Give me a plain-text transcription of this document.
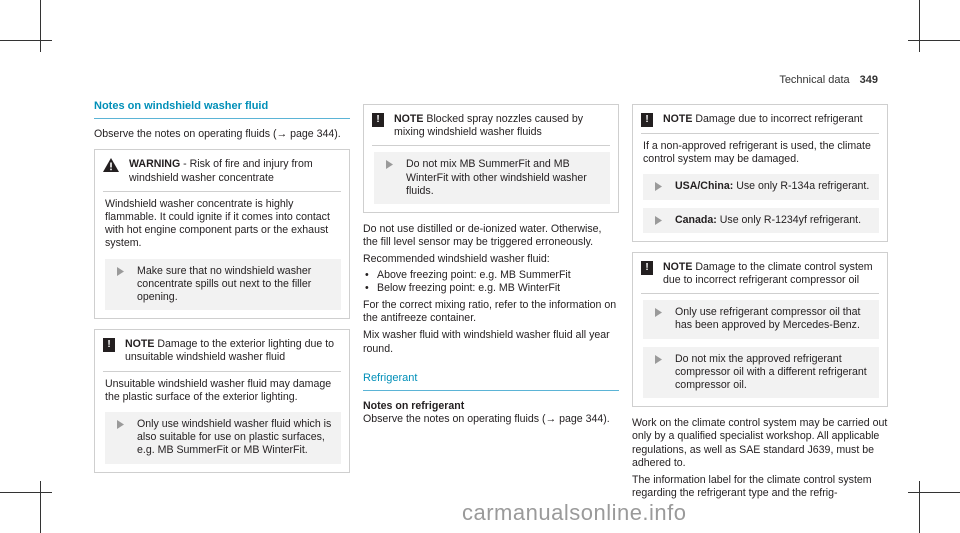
Technical data 349
Notes on windshield washer fluid

Observe the notes on operating fluids (→ page 344).

WARNING - Risk of fire and injury from windshield washer concentrate

Windshield washer concentrate is highly flammable. It could ignite if it comes into contact with hot engine component parts or the exhaust system.

Make sure that no windshield washer concentrate spills out next to the filler opening.
!	NOTE Damage to the exterior lighting due to unsuitable windshield washer fluid

Unsuitable windshield washer fluid may damage the plastic surface of the exterior lighting.

Only use windshield washer fluid which is also suitable for use on plastic surfaces, e.g. MB SummerFit or MB WinterFit.
!	NOTE Blocked spray nozzles caused by mixing windshield washer fluids
Do not mix MB SummerFit and MB WinterFit with other windshield washer fluids.

Do not use distilled or de-ionized water. Otherwise, the fill level sensor may be triggered erroneously.

Recommended windshield washer fluid:

• Above freezing point: e.g. MB SummerFit
• Below freezing point: e.g. MB WinterFit

For the correct mixing ratio, refer to the information on the antifreeze container.

Mix washer fluid with windshield washer fluid all year round.

Refrigerant
Notes on refrigerant

Observe the notes on operating fluids (→ page 344).

!	NOTE Damage due to incorrect refrigerant

If a non-approved refrigerant is used, the climate control system may be damaged.

USA/China: Use only R-134a refrigerant.
Canada: Use only R-1234yf refrigerant.
!	NOTE Damage to the climate control system due to incorrect refrigerant compressor oil
Only use refrigerant compressor oil that has been approved by Mercedes-Benz.
Do not mix the approved refrigerant compressor oil with a different refrigerant compressor oil.

Work on the climate control system may be carried out only by a qualified specialist workshop. All applicable regulations, as well as SAE standard J639, must be adhered to.

The information label for the climate control system regarding the refrigerant type and the refrig-

carmanualsonline.info
